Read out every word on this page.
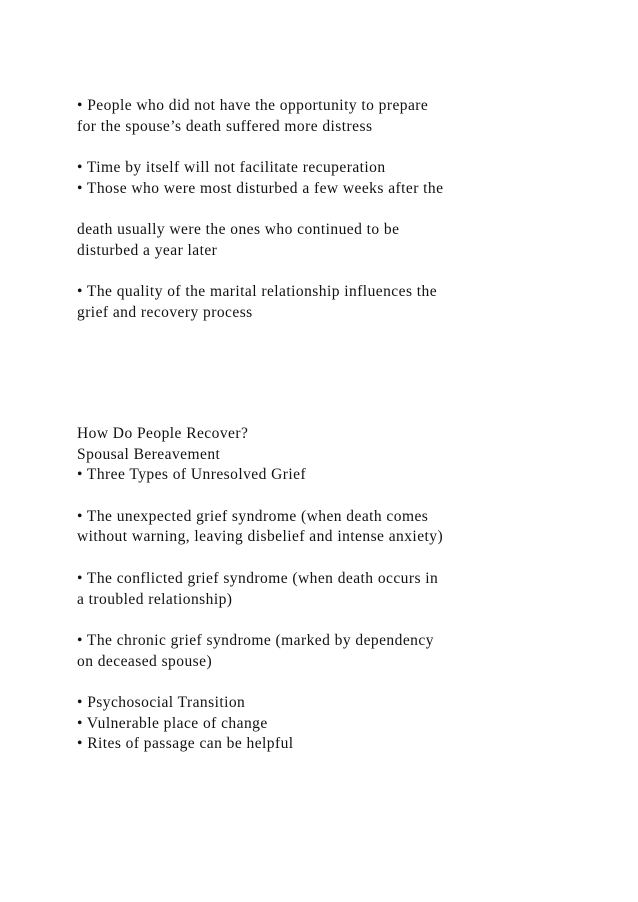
• People who did not have the opportunity to prepare
for the spouse’s death suffered more distress
• Time by itself will not facilitate recuperation
• Those who were most disturbed a few weeks after the
death usually were the ones who continued to be
disturbed a year later
• The quality of the marital relationship influences the
grief and recovery process
How Do People Recover?
Spousal Bereavement
• Three Types of Unresolved Grief
• The unexpected grief syndrome (when death comes
without warning, leaving disbelief and intense anxiety)
• The conflicted grief syndrome (when death occurs in
a troubled relationship)
• The chronic grief syndrome (marked by dependency
on deceased spouse)
• Psychosocial Transition
• Vulnerable place of change
• Rites of passage can be helpful
